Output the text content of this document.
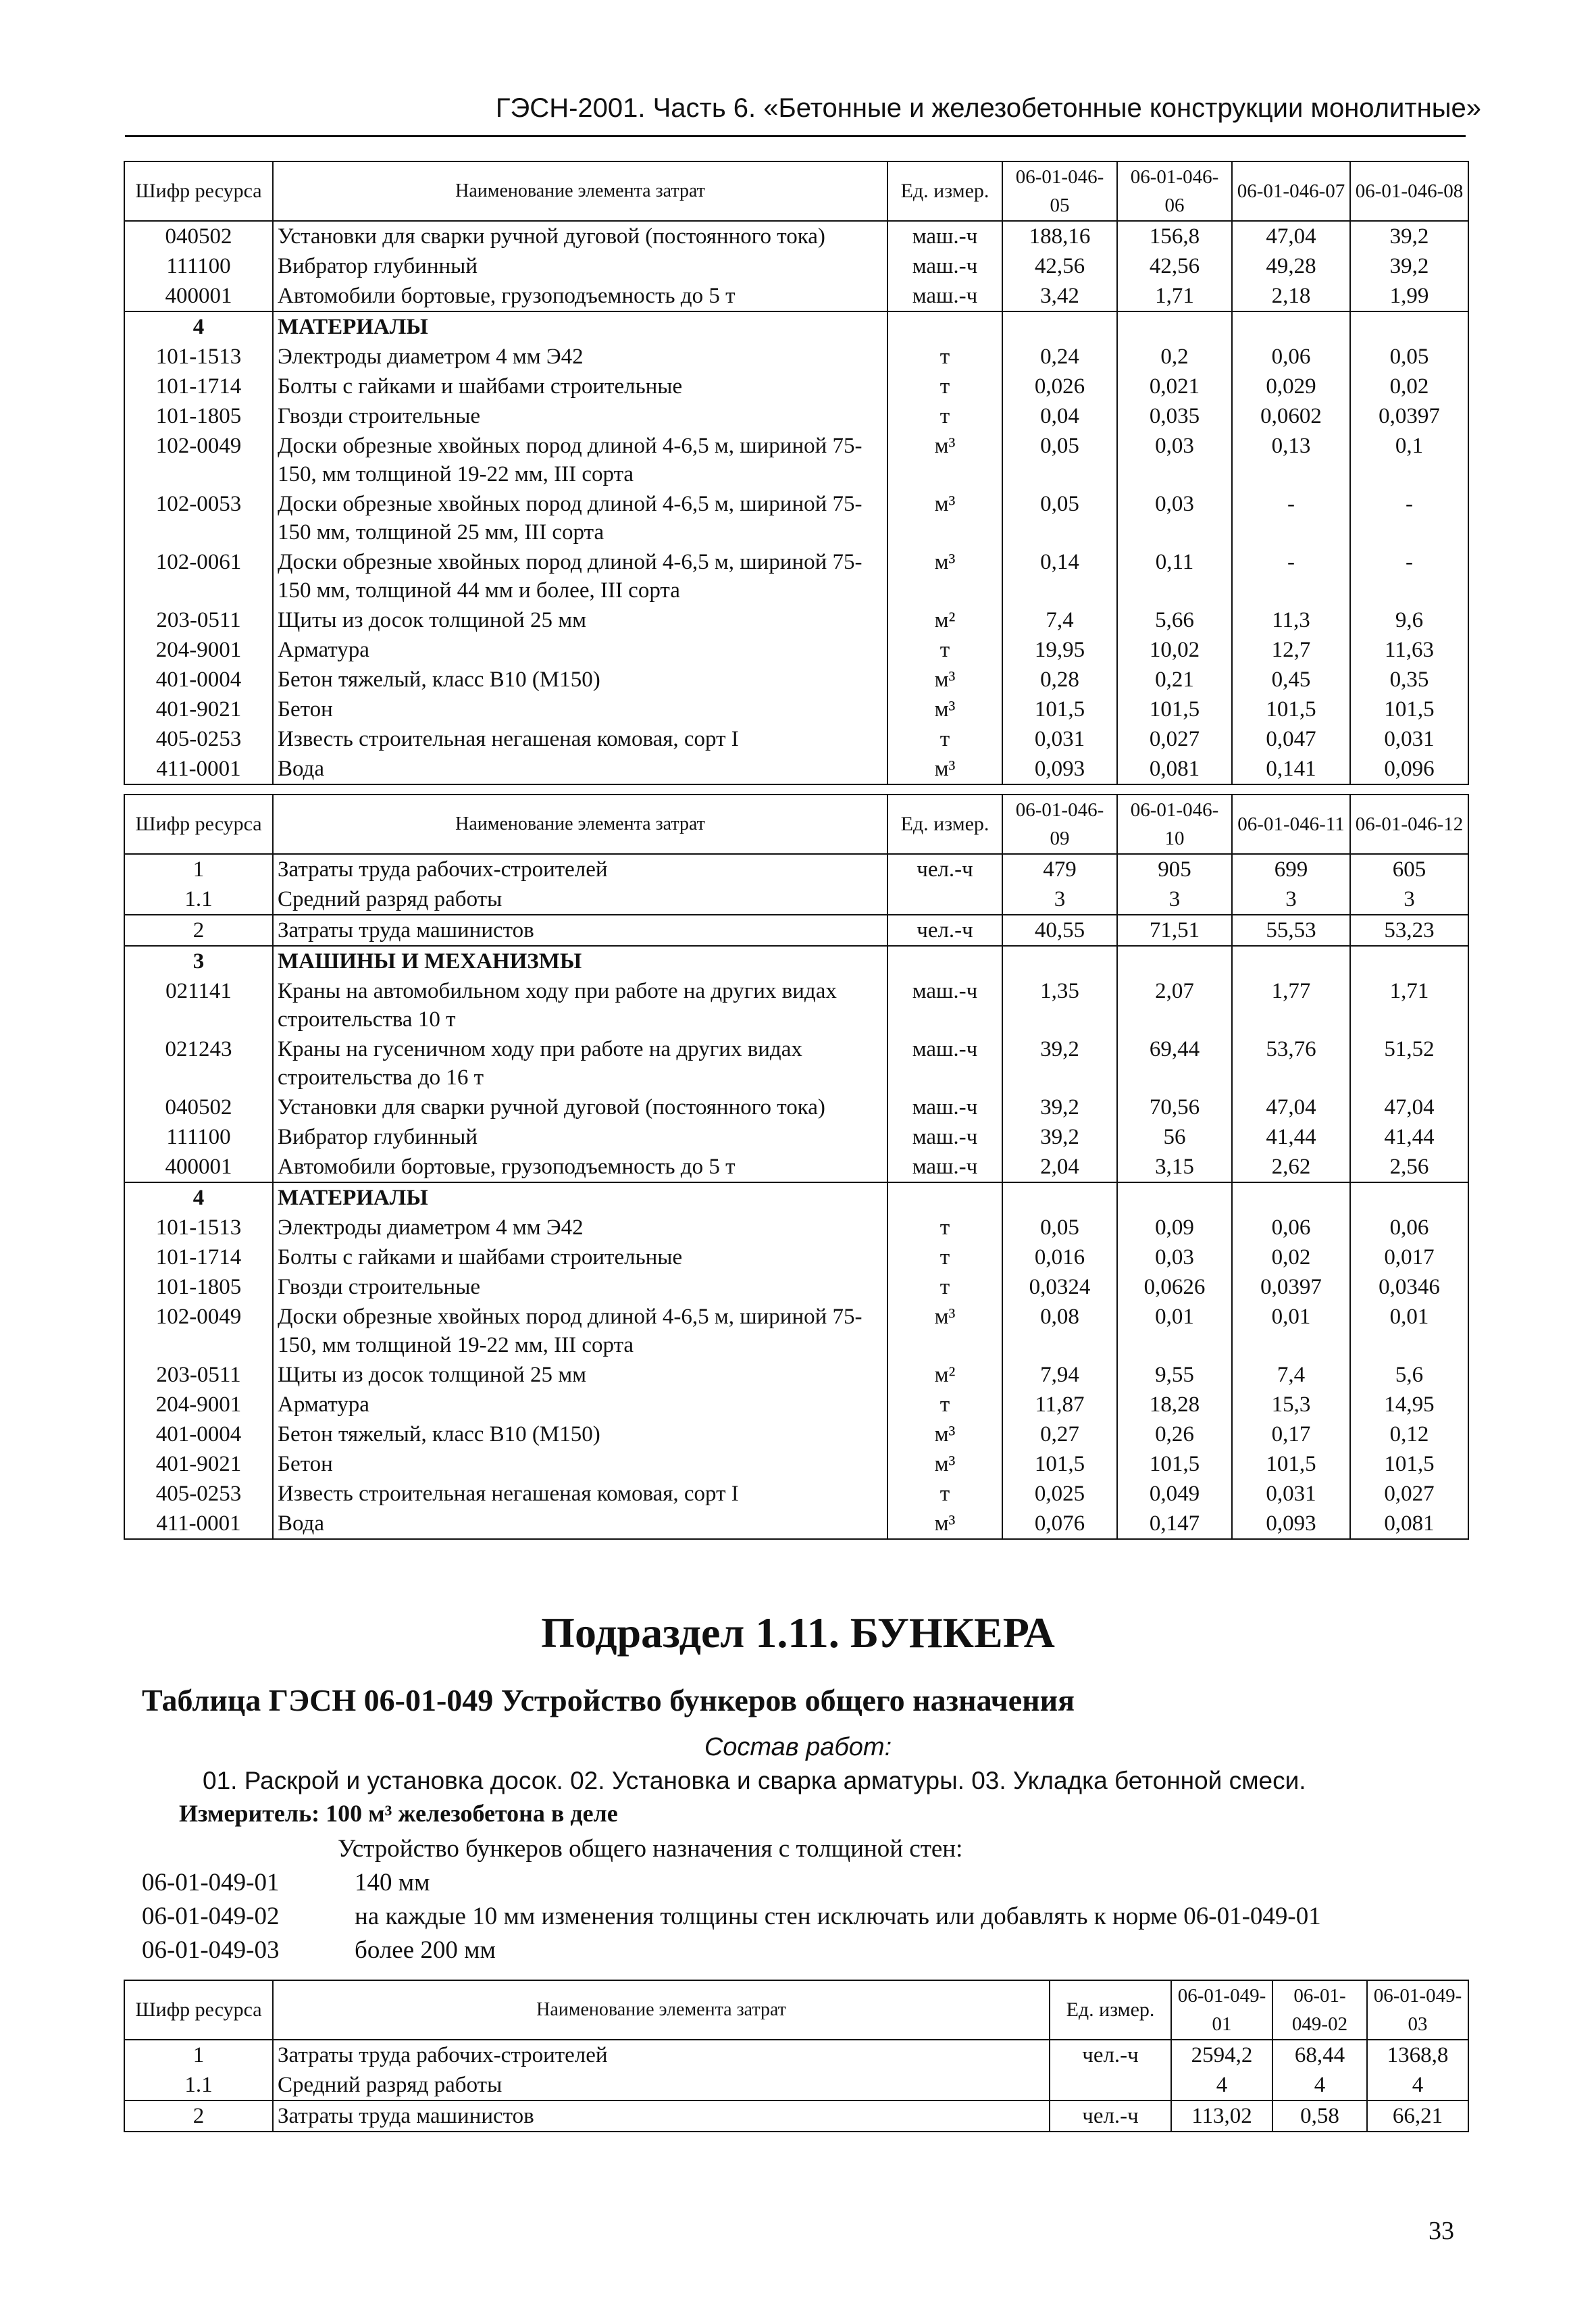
ГЭСН-2001. Часть 6. «Бетонные и железобетонные конструкции монолитные»
Шифр ресурса	Наименование элемента затрат	Ед. измер.	06-01-046-05	06-01-046-06	06-01-046-07	06-01-046-08
040502	Установки для сварки ручной дуговой (постоянного тока)	маш.-ч	188,16	156,8	47,04	39,2
111100	Вибратор глубинный	маш.-ч	42,56	42,56	49,28	39,2
400001	Автомобили бортовые, грузоподъемность до 5 т	маш.-ч	3,42	1,71	2,18	1,99
4	МАТЕРИАЛЫ					
101-1513	Электроды диаметром 4 мм Э42	т	0,24	0,2	0,06	0,05
101-1714	Болты с гайками и шайбами строительные	т	0,026	0,021	0,029	0,02
101-1805	Гвозди строительные	т	0,04	0,035	0,0602	0,0397
102-0049	Доски обрезные хвойных пород длиной 4-6,5 м, шириной 75-150, мм толщиной 19-22 мм, III сорта	м³	0,05	0,03	0,13	0,1
102-0053	Доски обрезные хвойных пород длиной 4-6,5 м, шириной 75-150 мм, толщиной 25 мм, III сорта	м³	0,05	0,03	-	-
102-0061	Доски обрезные хвойных пород длиной 4-6,5 м, шириной 75-150 мм, толщиной 44 мм и более, III сорта	м³	0,14	0,11	-	-
203-0511	Щиты из досок толщиной 25 мм	м²	7,4	5,66	11,3	9,6
204-9001	Арматура	т	19,95	10,02	12,7	11,63
401-0004	Бетон тяжелый, класс В10 (М150)	м³	0,28	0,21	0,45	0,35
401-9021	Бетон	м³	101,5	101,5	101,5	101,5
405-0253	Известь строительная негашеная комовая, сорт I	т	0,031	0,027	0,047	0,031
411-0001	Вода	м³	0,093	0,081	0,141	0,096
Шифр ресурса	Наименование элемента затрат	Ед. измер.	06-01-046-09	06-01-046-10	06-01-046-11	06-01-046-12
1	Затраты труда рабочих-строителей	чел.-ч	479	905	699	605
1.1	Средний разряд работы		3	3	3	3
2	Затраты труда машинистов	чел.-ч	40,55	71,51	55,53	53,23
3	МАШИНЫ И МЕХАНИЗМЫ					
021141	Краны на автомобильном ходу при работе на других видах строительства 10 т	маш.-ч	1,35	2,07	1,77	1,71
021243	Краны на гусеничном ходу при работе на других видах строительства до 16 т	маш.-ч	39,2	69,44	53,76	51,52
040502	Установки для сварки ручной дуговой (постоянного тока)	маш.-ч	39,2	70,56	47,04	47,04
111100	Вибратор глубинный	маш.-ч	39,2	56	41,44	41,44
400001	Автомобили бортовые, грузоподъемность до 5 т	маш.-ч	2,04	3,15	2,62	2,56
4	МАТЕРИАЛЫ					
101-1513	Электроды диаметром 4 мм Э42	т	0,05	0,09	0,06	0,06
101-1714	Болты с гайками и шайбами строительные	т	0,016	0,03	0,02	0,017
101-1805	Гвозди строительные	т	0,0324	0,0626	0,0397	0,0346
102-0049	Доски обрезные хвойных пород длиной 4-6,5 м, шириной 75-150, мм толщиной 19-22 мм, III сорта	м³	0,08	0,01	0,01	0,01
203-0511	Щиты из досок толщиной 25 мм	м²	7,94	9,55	7,4	5,6
204-9001	Арматура	т	11,87	18,28	15,3	14,95
401-0004	Бетон тяжелый, класс В10 (М150)	м³	0,27	0,26	0,17	0,12
401-9021	Бетон	м³	101,5	101,5	101,5	101,5
405-0253	Известь строительная негашеная комовая, сорт I	т	0,025	0,049	0,031	0,027
411-0001	Вода	м³	0,076	0,147	0,093	0,081
Подраздел 1.11. БУНКЕРА
Таблица ГЭСН 06-01-049 Устройство бункеров общего назначения
Состав работ:
01. Раскрой и установка досок. 02. Установка и сварка арматуры. 03. Укладка бетонной смеси.
Измеритель: 100 м³ железобетона в деле
Устройство бункеров общего назначения с толщиной стен:
06-01-049-01	140 мм
06-01-049-02	на каждые 10 мм изменения толщины стен исключать или добавлять к норме 06-01-049-01
06-01-049-03	более 200 мм
Шифр ресурса	Наименование элемента затрат	Ед. измер.	06-01-049-01	06-01-049-02	06-01-049-03
1	Затраты труда рабочих-строителей	чел.-ч	2594,2	68,44	1368,8
1.1	Средний разряд работы		4	4	4
2	Затраты труда машинистов	чел.-ч	113,02	0,58	66,21
33
